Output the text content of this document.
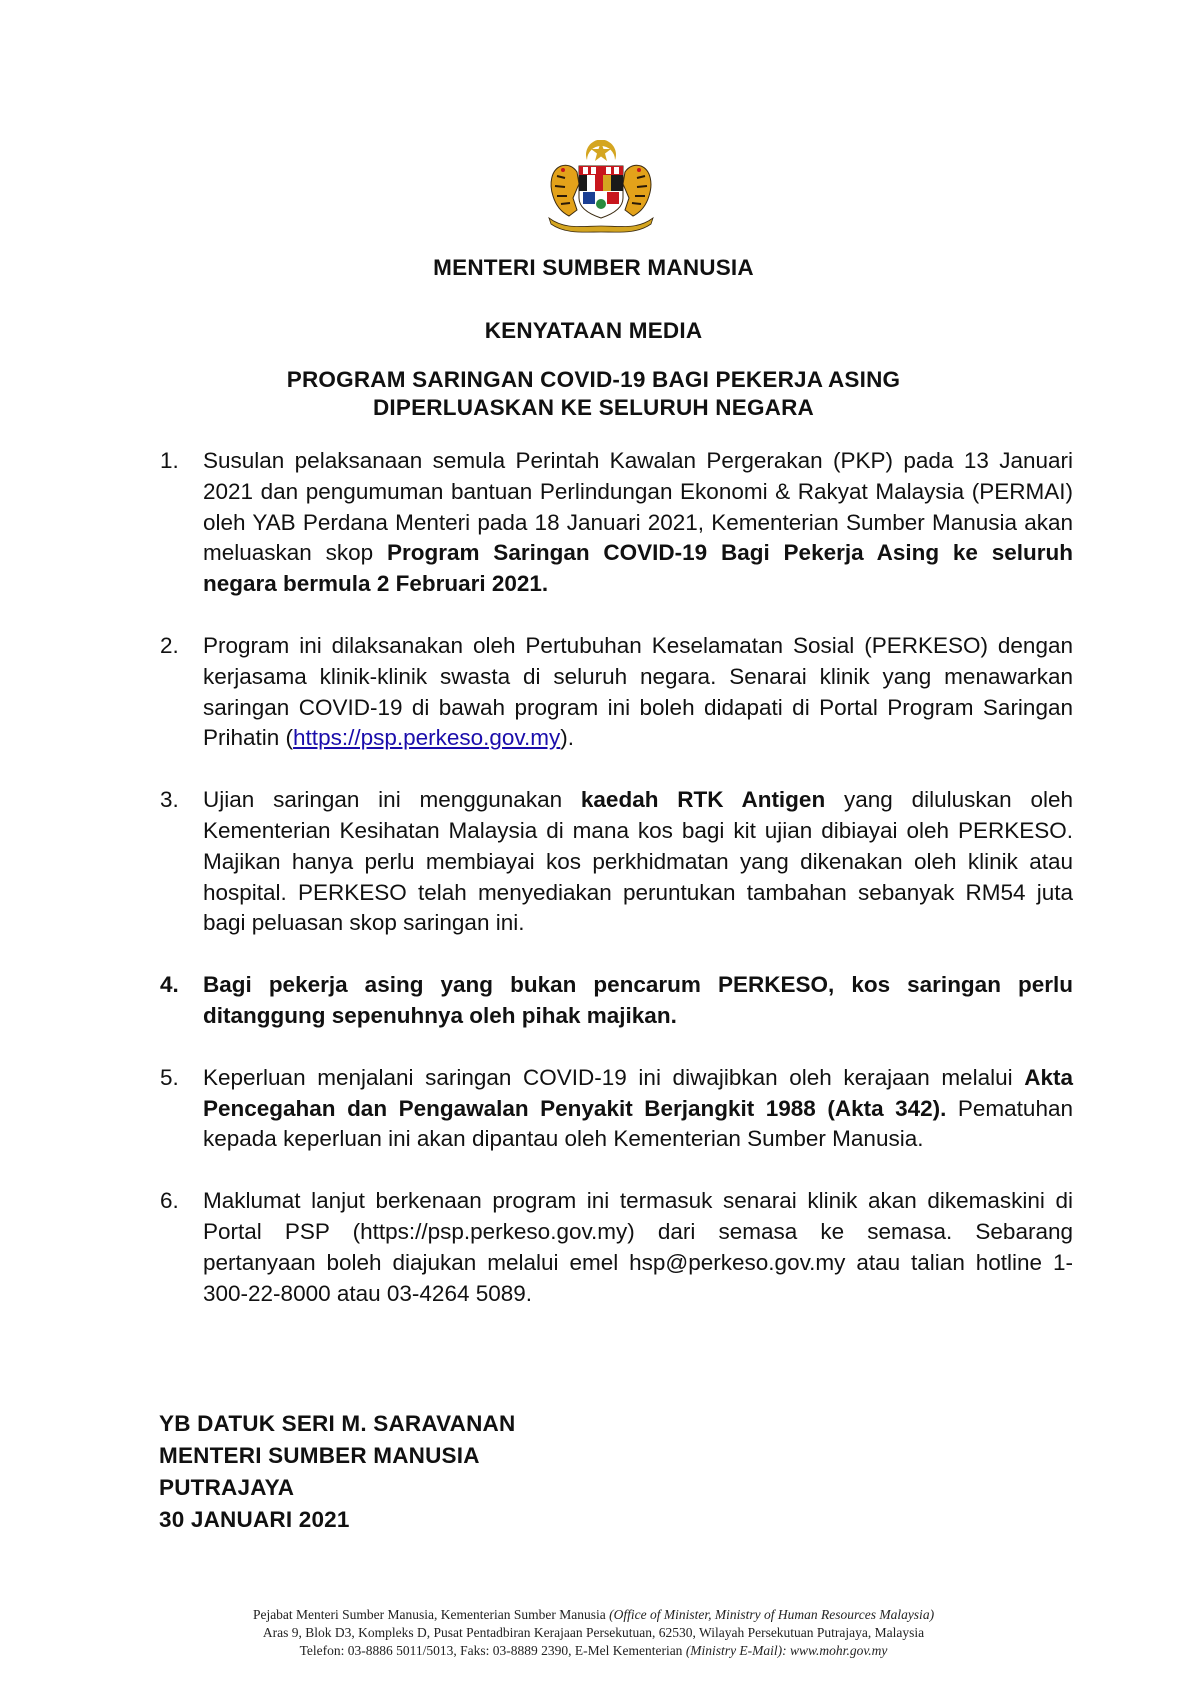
MENTERI SUMBER MANUSIA
KENYATAAN MEDIA
PROGRAM SARINGAN COVID-19 BAGI PEKERJA ASING
DIPERLUASKAN KE SELURUH NEGARA
1.	Susulan pelaksanaan semula Perintah Kawalan Pergerakan (PKP) pada 13 Januari 2021 dan pengumuman bantuan Perlindungan Ekonomi & Rakyat Malaysia (PERMAI) oleh YAB Perdana Menteri pada 18 Januari 2021, Kementerian Sumber Manusia akan meluaskan skop Program Saringan COVID-19 Bagi Pekerja Asing ke seluruh negara bermula 2 Februari 2021.
2.	Program ini dilaksanakan oleh Pertubuhan Keselamatan Sosial (PERKESO) dengan kerjasama klinik-klinik swasta di seluruh negara. Senarai klinik yang menawarkan saringan COVID-19 di bawah program ini boleh didapati di Portal Program Saringan Prihatin (https://psp.perkeso.gov.my).
3.	Ujian saringan ini menggunakan kaedah RTK Antigen yang diluluskan oleh Kementerian Kesihatan Malaysia di mana kos bagi kit ujian dibiayai oleh PERKESO. Majikan hanya perlu membiayai kos perkhidmatan yang dikenakan oleh klinik atau hospital. PERKESO telah menyediakan peruntukan tambahan sebanyak RM54 juta bagi peluasan skop saringan ini.
4.	Bagi pekerja asing yang bukan pencarum PERKESO, kos saringan perlu ditanggung sepenuhnya oleh pihak majikan.
5.	Keperluan menjalani saringan COVID-19 ini diwajibkan oleh kerajaan melalui Akta Pencegahan dan Pengawalan Penyakit Berjangkit 1988 (Akta 342). Pematuhan kepada keperluan ini akan dipantau oleh Kementerian Sumber Manusia.
6.	Maklumat lanjut berkenaan program ini termasuk senarai klinik akan dikemaskini di Portal PSP (https://psp.perkeso.gov.my) dari semasa ke semasa. Sebarang pertanyaan boleh diajukan melalui emel hsp@perkeso.gov.my atau talian hotline 1-300-22-8000 atau 03-4264 5089.
YB DATUK SERI M. SARAVANAN
MENTERI SUMBER MANUSIA
PUTRAJAYA
30 JANUARI 2021
Pejabat Menteri Sumber Manusia, Kementerian Sumber Manusia (Office of Minister, Ministry of Human Resources Malaysia)
Aras 9, Blok D3, Kompleks D, Pusat Pentadbiran Kerajaan Persekutuan, 62530, Wilayah Persekutuan Putrajaya, Malaysia
Telefon: 03-8886 5011/5013, Faks: 03-8889 2390, E-Mel Kementerian (Ministry E-Mail): www.mohr.gov.my
